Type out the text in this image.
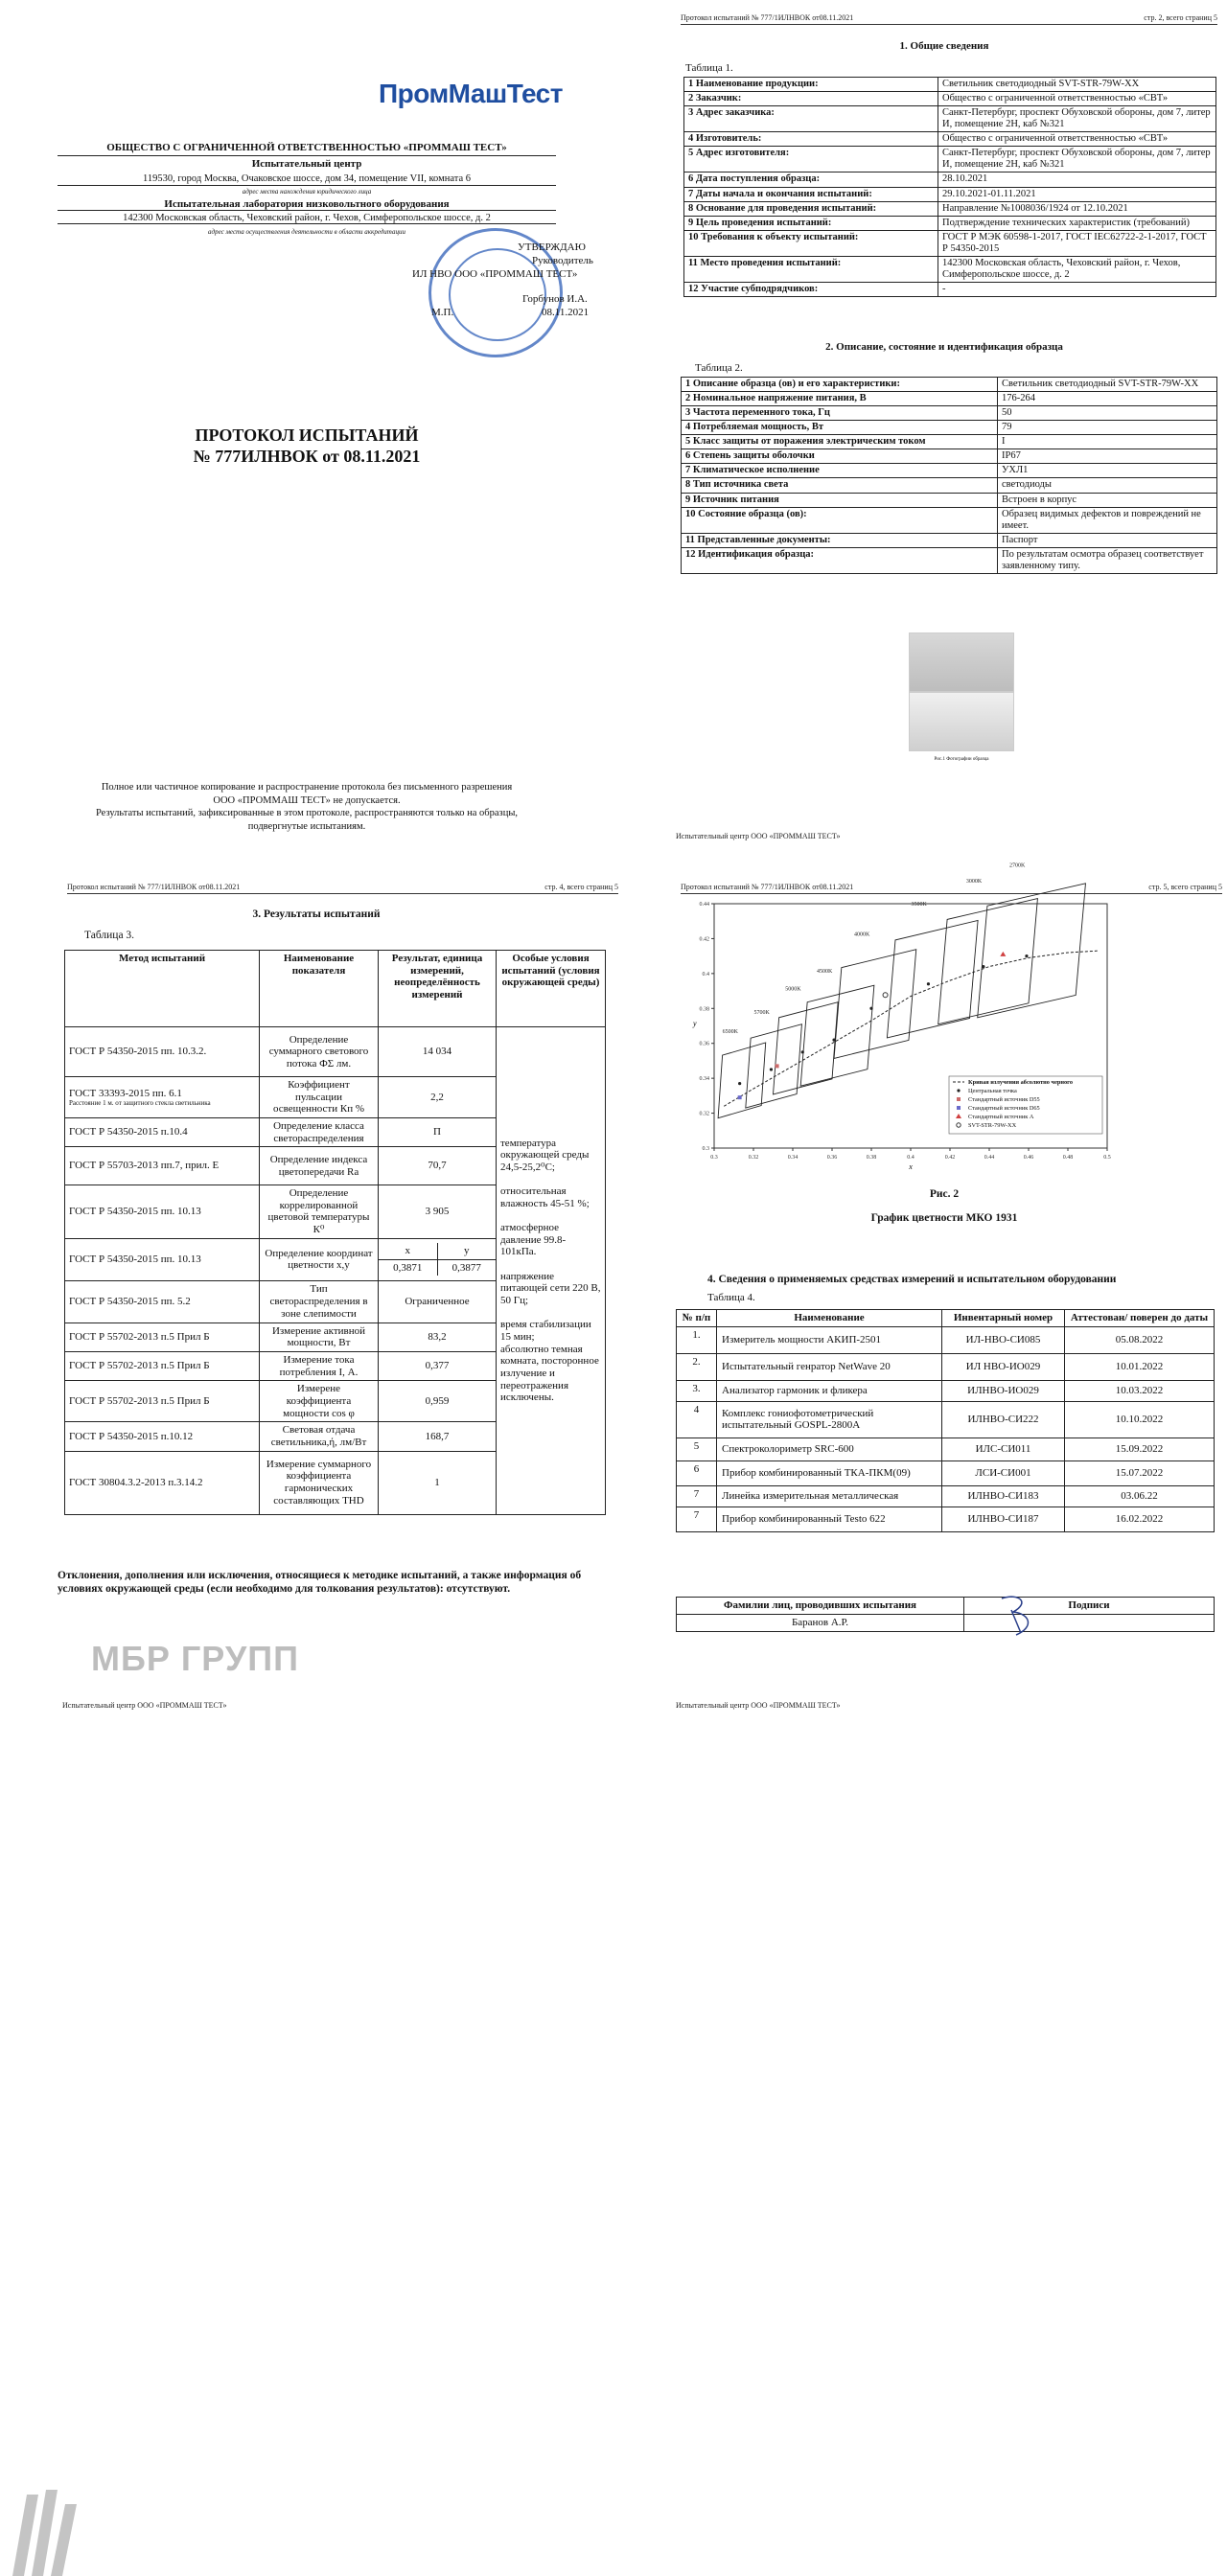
ПромМашТест
ОБЩЕСТВО С ОГРАНИЧЕННОЙ ОТВЕТСТВЕННОСТЬЮ «ПРОММАШ ТЕСТ»
Испытательный центр
119530, город Москва, Очаковское шоссе, дом 34, помещение VII, комната 6
адрес места нахождения юридического лица
Испытательная лаборатория низковольтного оборудования
142300 Московская область, Чеховский район, г. Чехов, Симферопольское шоссе, д. 2
адрес места осуществления деятельности в области аккредитации
УТВЕРЖДАЮ
Руководитель
ИЛ НВО ООО «ПРОММАШ ТЕСТ»
Горбунов И.А.
М.П.	08.11.2021
ПРОТОКОЛ ИСПЫТАНИЙ
№ 777ИЛНВОК от 08.11.2021
Полное или частичное копирование и распространение протокола без письменного разрешения
ООО «ПРОММАШ ТЕСТ» не допускается.
Результаты испытаний, зафиксированные в этом протоколе, распространяются только на образцы,
подвергнутые испытаниям.
Протокол испытаний № 777/1ИЛНВОК от08.11.2021	стр. 2, всего страниц 5
1. Общие сведения
Таблица 1.
1 Наименование продукции:	Светильник светодиодный SVT-STR-79W-XX
2 Заказчик:	Общество с ограниченной ответственностью «СВТ»
3 Адрес заказчика:	Санкт-Петербург, проспект Обуховской обороны, дом 7, литер И, помещение 2Н, каб №321
4 Изготовитель:	Общество с ограниченной ответственностью «СВТ»
5 Адрес изготовителя:	Санкт-Петербург, проспект Обуховской обороны, дом 7, литер И, помещение 2Н, каб №321
6 Дата поступления образца:	28.10.2021
7 Даты начала и окончания испытаний:	29.10.2021-01.11.2021
8 Основание для проведения испытаний:	Направление №1008036/1924 от 12.10.2021
9 Цель проведения испытаний:	Подтверждение технических характеристик (требований)
10 Требования к объекту испытаний:	ГОСТ Р МЭК 60598-1-2017, ГОСТ IEC62722-2-1-2017, ГОСТ Р 54350-2015
11 Место проведения испытаний:	142300 Московская область, Чеховский район, г. Чехов, Симферопольское шоссе, д. 2
12 Участие субподрядчиков:	-
2. Описание, состояние и идентификация образца
Таблица 2.
1 Описание образца (ов) и его характеристики:	Светильник светодиодный SVT-STR-79W-XX
2 Номинальное напряжение питания, В	176-264
3 Частота переменного тока, Гц	50
4 Потребляемая мощность, Вт	79
5 Класс защиты от поражения электрическим током	I
6 Степень защиты оболочки	IP67
7 Климатическое исполнение	УХЛ1
8 Тип источника света	светодиоды
9 Источник питания	Встроен в корпус
10 Состояние образца (ов):	Образец видимых дефектов и повреждений не имеет.
11 Представленные документы:	Паспорт
12 Идентификация образца:	По результатам осмотра образец соответствует заявленному типу.
Рис.1 Фотографии образца
Испытательный центр ООО «ПРОММАШ ТЕСТ»
Протокол испытаний № 777/1ИЛНВОК от08.11.2021	стр. 4, всего страниц 5
3. Результаты испытаний
Таблица 3.
Метод испытаний	Наименование показателя	Результат, единица измерений, неопределённость измерений	Особые условия испытаний (условия окружающей среды)

ГОСТ Р 54350-2015 пп. 10.3.2.
	Определение суммарного светового потока ФΣ лм.	14 034	температура окружающей среды 24,5-25,2⁰С;

относительная влажность 45-51 %;

атмосферное давление 99.8-101кПа.

напряжение питающей сети 220 В, 50 Гц;

время стабилизации 15 мин;
абсолютно темная комната, посторонное излучение и переотражения исключены.

ГОСТ 33393-2015 пп. 6.1
Расстояние 1 м. от защитного стекла светильника
	Коэффициент пульсации освещенности Кп %	2,2

ГОСТ Р 54350-2015 п.10.4
	Определение класса светораспределения	П

ГОСТ Р 55703-2013 пп.7, прил. Е
	Определение индекса цветопередачи Ra	70,7

ГОСТ Р 54350-2015 пп. 10.13
	Определение коррелированной цветовой температуры К⁰	3 905

ГОСТ Р 54350-2015 пп. 10.13
	Определение координат цветности x,y	
x	y
0,3871	0,3877

ГОСТ Р 54350-2015 пп. 5.2
	Тип светораспределения в зоне слепимости	Ограниченное

ГОСТ Р 55702-2013 п.5 Прил Б
	Измерение активной мощности, Вт	83,2

ГОСТ Р 55702-2013 п.5 Прил Б
	Измерение тока потребления I, А.	0,377

ГОСТ Р 55702-2013 п.5 Прил Б
	Измерене коэффициента мощности cos φ	0,959

ГОСТ Р 54350-2015 п.10.12
	Световая отдача светильника,ή, лм/Вт	168,7

ГОСТ 30804.3.2-2013 п.3.14.2
	Измерение суммарного коэффициента гармонических составляющих THD	1
Отклонения, дополнения или исключения, относящиеся к методике испытаний, а также информация об условиях окружающей среды (если необходимо для толкования результатов): отсутствуют.
МБР ГРУПП
Испытательный центр ООО «ПРОММАШ ТЕСТ»
Протокол испытаний № 777/1ИЛНВОК от08.11.2021	стр. 5, всего страниц 5
0.3	0.32	0.34	0.36	0.38	0.4	0.42	0.44	0.46	0.48	0.5
0.44
0.42
0.4
0.38
0.36
0.34
0.32
0.3
x
y
6500K
5700K
5000K
4500K
4000K
3500K
3000K
2700K
Кривая излучения абсолютно черного
Центральная точка
Стандартный источник D55
Стандартный источник D65
Стандартный источник А
SVT-STR-79W-XX
Рис. 2
График цветности МКО 1931
4. Сведения о применяемых средствах измерений и испытательном оборудовании
Таблица 4.
№ п/п	Наименование	Инвентарный номер	Аттестован/ поверен до даты
1.	Измеритель мощности АКИП-2501	ИЛ-НВО-СИ085	05.08.2022
2.	Испытательный генратор NetWave 20	ИЛ НВО-ИО029	10.01.2022
3.	Анализатор гармоник и фликера	ИЛНВО-ИО029	10.03.2022
4	Комплекс гониофотометрический испытательный GOSPL-2800A	ИЛНВО-СИ222	10.10.2022
5	Спектроколориметр SRC-600	ИЛС-СИ011	15.09.2022
6	Прибор комбинированный ТКА-ПКМ(09)	ЛСИ-СИ001	15.07.2022
7	Линейка измерительная металлическая	ИЛНВО-СИ183	03.06.22
7	Прибор комбинированный Testo 622	ИЛНВО-СИ187	16.02.2022
Фамилии лиц, проводивших испытания	Подписи
Баранов А.Р.	
Испытательный центр ООО «ПРОММАШ ТЕСТ»
